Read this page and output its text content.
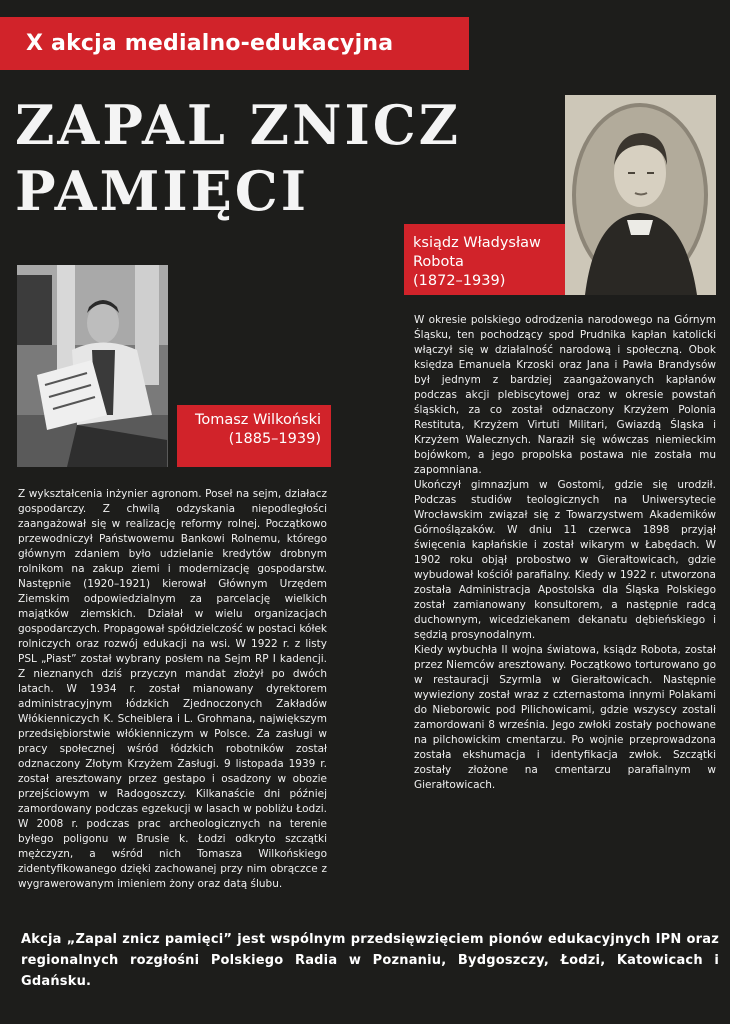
X akcja medialno-edukacyjna
ZAPAL ZNICZ
PAMIĘCI
Tomasz Wilkoński
(1885–1939)
ksiądz Władysław
Robota
(1872–1939)

Z wykształcenia inżynier agronom. Poseł na sejm, działacz gospodarczy. Z chwilą odzyskania niepodległości zaangażował się w realizację reformy rolnej. Początkowo przewodniczył Państwowemu Bankowi Rolnemu, którego głównym zdaniem było udzielanie kredytów drobnym rolnikom na zakup ziemi i modernizację gospodarstw. Następnie (1920–1921) kierował Głównym Urzędem Ziemskim odpowiedzialnym za parcelację wielkich majątków ziemskich. Działał w wielu organizacjach gospodarczych. Propagował spółdzielczość w postaci kółek rolniczych oraz rozwój edukacji na wsi. W 1922 r. z listy PSL „Piast” został wybrany posłem na Sejm RP I kadencji. Z nieznanych dziś przyczyn mandat złożył po dwóch latach. W 1934 r. został mianowany dyrektorem administracyjnym łódzkich Zjednoczonych Zakładów Włókienniczych K. Scheiblera i L. Grohmana, największym przedsiębiorstwie włókienniczym w Polsce. Za zasługi w pracy społecznej wśród łódzkich robotników został odznaczony Złotym Krzyżem Zasługi. 9 listopada 1939 r. został aresztowany przez gestapo i osadzony w obozie przejściowym w Radogoszczy. Kilkanaście dni później zamordowany podczas egzekucji w lasach w pobliżu Łodzi. W 2008 r. podczas prac archeologicznych na terenie byłego poligonu w Brusie k. Łodzi odkryto szczątki mężczyzn, a wśród nich Tomasza Wilkońskiego zidentyfikowanego dzięki zachowanej przy nim obrączce z wygrawerowanym imieniem żony oraz datą ślubu.

W okresie polskiego odrodzenia narodowego na Górnym Śląsku, ten pochodzący spod Prudnika kapłan katolicki włączył się w działalność narodową i społeczną. Obok księdza Emanuela Krzoski oraz Jana i Pawła Brandysów był jednym z bardziej zaangażowanych kapłanów podczas akcji plebiscytowej oraz w okresie powstań śląskich, za co został odznaczony Krzyżem Polonia Restituta, Krzyżem Virtuti Militari, Gwiazdą Śląska i Krzyżem Walecznych. Naraził się wówczas niemieckim bojówkom, a jego propolska postawa nie została mu zapomniana.

Ukończył gimnazjum w Gostomi, gdzie się urodził. Podczas studiów teologicznych na Uniwersytecie Wrocławskim związał się z Towarzystwem Akademików Górnoślązaków. W dniu 11 czerwca 1898 przyjął święcenia kapłańskie i został wikarym w Łabędach. W 1902 roku objął probostwo w Gierałtowicach, gdzie wybudował kościół parafialny. Kiedy w 1922 r. utworzona została Administracja Apostolska dla Śląska Polskiego został zamianowany konsultorem, a następnie radcą duchownym, wicedziekanem dekanatu dębieńskiego i sędzią prosynodalnym.

Kiedy wybuchła II wojna światowa, ksiądz Robota, został przez Niemców aresztowany. Początkowo torturowano go w restauracji Szyrmla w Gierałtowicach. Następnie wywieziony został wraz z czternastoma innymi Polakami do Nieborowic pod Pilichowicami, gdzie wszyscy zostali zamordowani 8 września. Jego zwłoki zostały pochowane na pilchowickim cmentarzu. Po wojnie przeprowadzona została ekshumacja i identyfikacja zwłok. Szczątki zostały złożone na cmentarzu parafialnym w Gierałtowicach.

Akcja „Zapal znicz pamięci” jest wspólnym przedsięwzięciem pionów edukacyjnych IPN oraz regionalnych rozgłośni Polskiego Radia w Poznaniu, Bydgoszczy, Łodzi, Katowicach i Gdańsku.
